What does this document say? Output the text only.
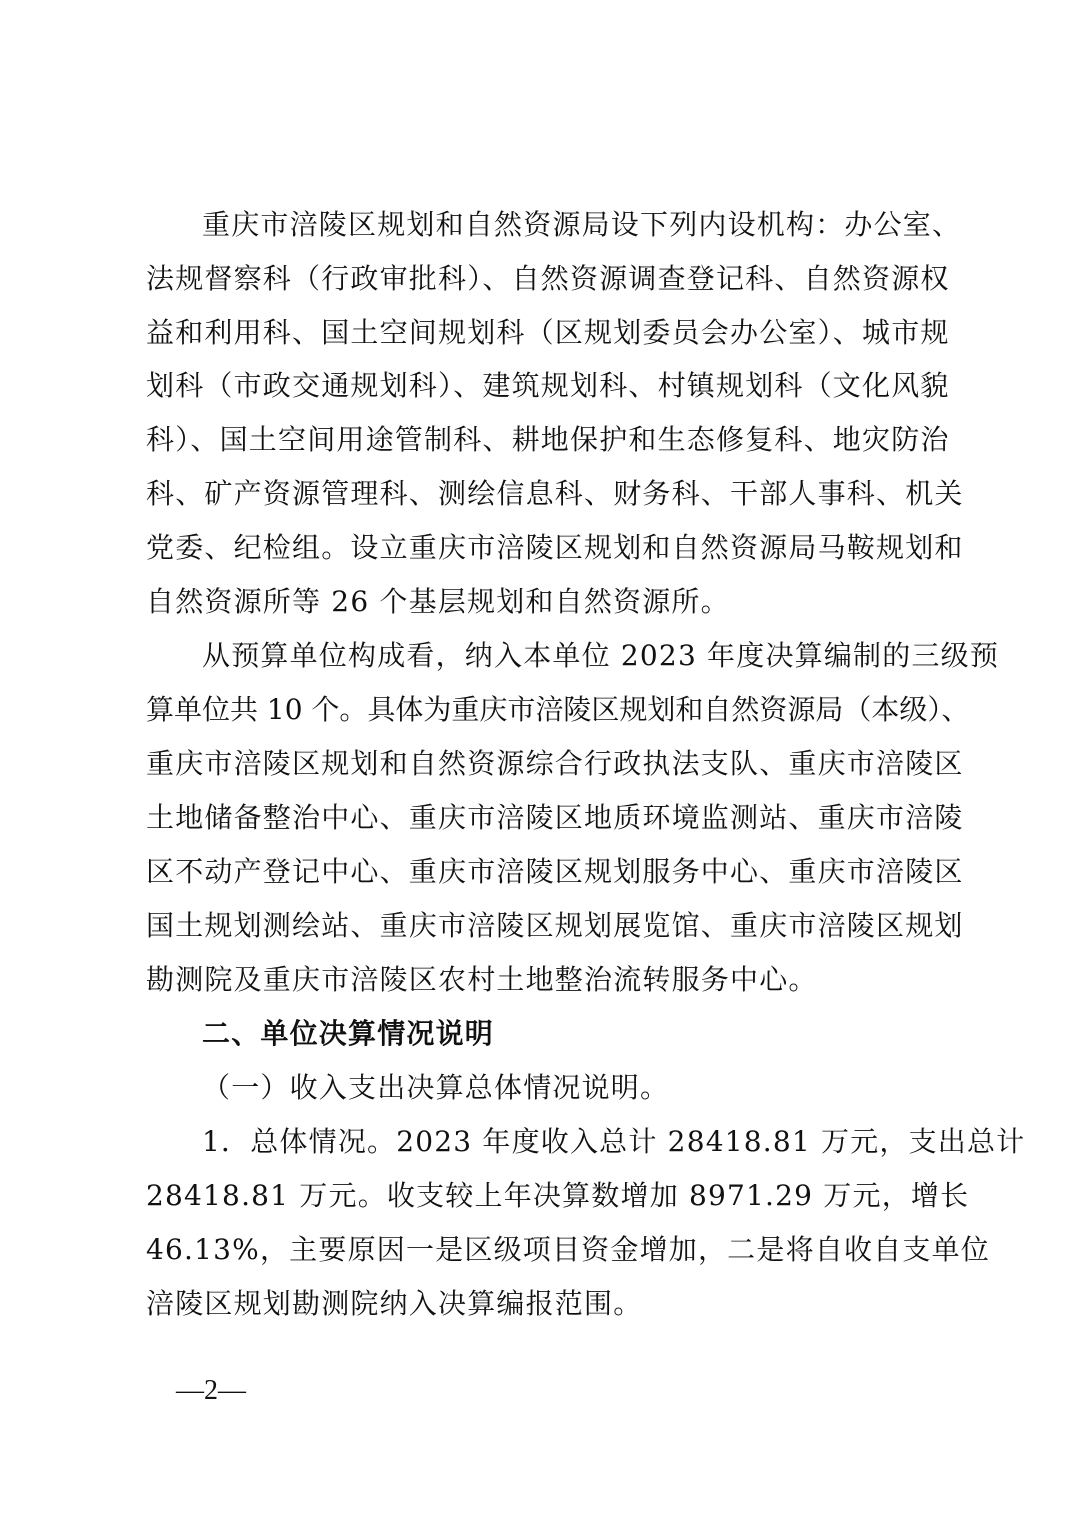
重庆市涪陵区规划和自然资源局设下列内设机构：办公室、
法规督察科（行政审批科）、自然资源调查登记科、自然资源权
益和利用科、国土空间规划科（区规划委员会办公室）、城市规
划科（市政交通规划科）、建筑规划科、村镇规划科（文化风貌
科）、国土空间用途管制科、耕地保护和生态修复科、地灾防治
科、矿产资源管理科、测绘信息科、财务科、干部人事科、机关
党委、纪检组。设立重庆市涪陵区规划和自然资源局马鞍规划和
自然资源所等 26 个基层规划和自然资源所。
从预算单位构成看，纳入本单位 2023 年度决算编制的三级预
算单位共 10 个。具体为重庆市涪陵区规划和自然资源局（本级）、
重庆市涪陵区规划和自然资源综合行政执法支队、重庆市涪陵区
土地储备整治中心、重庆市涪陵区地质环境监测站、重庆市涪陵
区不动产登记中心、重庆市涪陵区规划服务中心、重庆市涪陵区
国土规划测绘站、重庆市涪陵区规划展览馆、重庆市涪陵区规划
勘测院及重庆市涪陵区农村土地整治流转服务中心。
二、单位决算情况说明
（一）收入支出决算总体情况说明。
1．总体情况。2023 年度收入总计 28418.81 万元，支出总计
28418.81 万元。收支较上年决算数增加 8971.29 万元，增长
46.13%，主要原因一是区级项目资金增加，二是将自收自支单位
涪陵区规划勘测院纳入决算编报范围。
—2—
